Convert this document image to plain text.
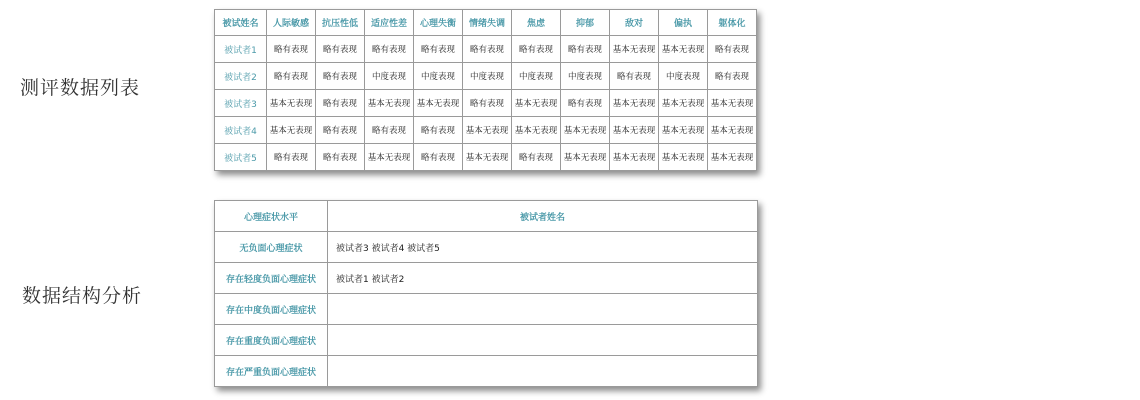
测评数据列表
数据结构分析
被试姓名	人际敏感	抗压性低	适应性差	心理失衡	情绪失调	焦虑	抑郁	敌对	偏执	躯体化
被试者1	略有表现	略有表现	略有表现	略有表现	略有表现	略有表现	略有表现	基本无表现	基本无表现	略有表现
被试者2	略有表现	略有表现	中度表现	中度表现	中度表现	中度表现	中度表现	略有表现	中度表现	略有表现
被试者3	基本无表现	略有表现	基本无表现	基本无表现	略有表现	基本无表现	略有表现	基本无表现	基本无表现	基本无表现
被试者4	基本无表现	略有表现	略有表现	略有表现	基本无表现	基本无表现	基本无表现	基本无表现	基本无表现	基本无表现
被试者5	略有表现	略有表现	基本无表现	略有表现	基本无表现	略有表现	基本无表现	基本无表现	基本无表现	基本无表现
心理症状水平	被试者姓名
无负面心理症状	被试者3 被试者4 被试者5
存在轻度负面心理症状	被试者1 被试者2
存在中度负面心理症状	
存在重度负面心理症状	
存在严重负面心理症状	
